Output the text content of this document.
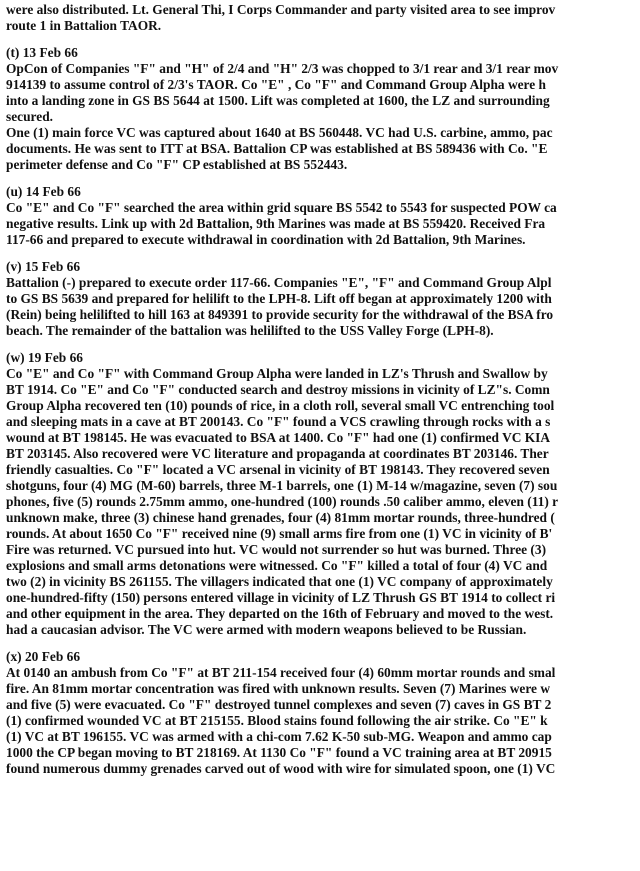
were also distributed. Lt. General Thi, I Corps Commander and party visited area to see improv
route 1 in Battalion TAOR.
(t) 13 Feb 66
OpCon of Companies "F" and "H" of 2/4 and "H" 2/3 was chopped to 3/1 rear and 3/1 rear mov
914139 to assume control of 2/3's TAOR. Co "E" , Co "F" and Command Group Alpha were h
into a landing zone in GS BS 5644 at 1500. Lift was completed at 1600, the LZ and surrounding
secured.
One (1) main force VC was captured about 1640 at BS 560448. VC had U.S. carbine, ammo, pac
documents. He was sent to ITT at BSA. Battalion CP was established at BS 589436 with Co. "E
perimeter defense and Co "F" CP established at BS 552443.
(u) 14 Feb 66
Co "E" and Co "F" searched the area within grid square BS 5542 to 5543 for suspected POW ca
negative results. Link up with 2d Battalion, 9th Marines was made at BS 559420. Received Fra
117-66 and prepared to execute withdrawal in coordination with 2d Battalion, 9th Marines.
(v) 15 Feb 66
Battalion (-) prepared to execute order 117-66. Companies "E", "F" and Command Group Alpl
to GS BS 5639 and prepared for helilift to the LPH-8. Lift off began at approximately 1200 with
(Rein) being helilifted to hill 163 at 849391 to provide security for the withdrawal of the BSA fro
beach. The remainder of the battalion was helilifted to the USS Valley Forge (LPH-8).
(w) 19 Feb 66
Co "E" and Co "F" with Command Group Alpha were landed in LZ's Thrush and Swallow by
BT 1914. Co "E" and Co "F" conducted search and destroy missions in vicinity of LZ"s. Comn
Group Alpha recovered ten (10) pounds of rice, in a cloth roll, several small VC entrenching tool
and sleeping mats in a cave at BT 200143. Co "F" found a VCS crawling through rocks with a s
wound at BT 198145. He was evacuated to BSA at 1400. Co "F" had one (1) confirmed VC KIA
BT 203145. Also recovered were VC literature and propaganda at coordinates BT 203146. Ther
friendly casualties. Co "F" located a VC arsenal in vicinity of BT 198143. They recovered seven
shotguns, four (4) MG (M-60) barrels, three M-1 barrels, one (1) M-14 w/magazine, seven (7) sou
phones, five (5) rounds 2.75mm ammo, one-hundred (100) rounds .50 caliber ammo, eleven (11) r
unknown make, three (3) chinese hand grenades, four (4) 81mm mortar rounds, three-hundred (
rounds. At about 1650 Co "F" received nine (9) small arms fire from one (1) VC in vicinity of B'
Fire was returned. VC pursued into hut. VC would not surrender so hut was burned. Three (3)
explosions and small arms detonations were witnessed. Co "F" killed a total of four (4) VC and
two (2) in vicinity BS 261155. The villagers indicated that one (1) VC company of approximately
one-hundred-fifty (150) persons entered village in vicinity of LZ Thrush GS BT 1914 to collect ri
and other equipment in the area. They departed on the 16th of February and moved to the west.
had a caucasian advisor. The VC were armed with modern weapons believed to be Russian.
(x) 20 Feb 66
At 0140 an ambush from Co "F" at BT 211-154 received four (4) 60mm mortar rounds and smal
fire. An 81mm mortar concentration was fired with unknown results. Seven (7) Marines were w
and five (5) were evacuated. Co "F" destroyed tunnel complexes and seven (7) caves in GS BT 2
(1) confirmed wounded VC at BT 215155. Blood stains found following the air strike. Co "E" k
(1) VC at BT 196155. VC was armed with a chi-com 7.62 K-50 sub-MG. Weapon and ammo cap
1000 the CP began moving to BT 218169. At 1130 Co "F" found a VC training area at BT 20915
found numerous dummy grenades carved out of wood with wire for simulated spoon, one (1) VC
